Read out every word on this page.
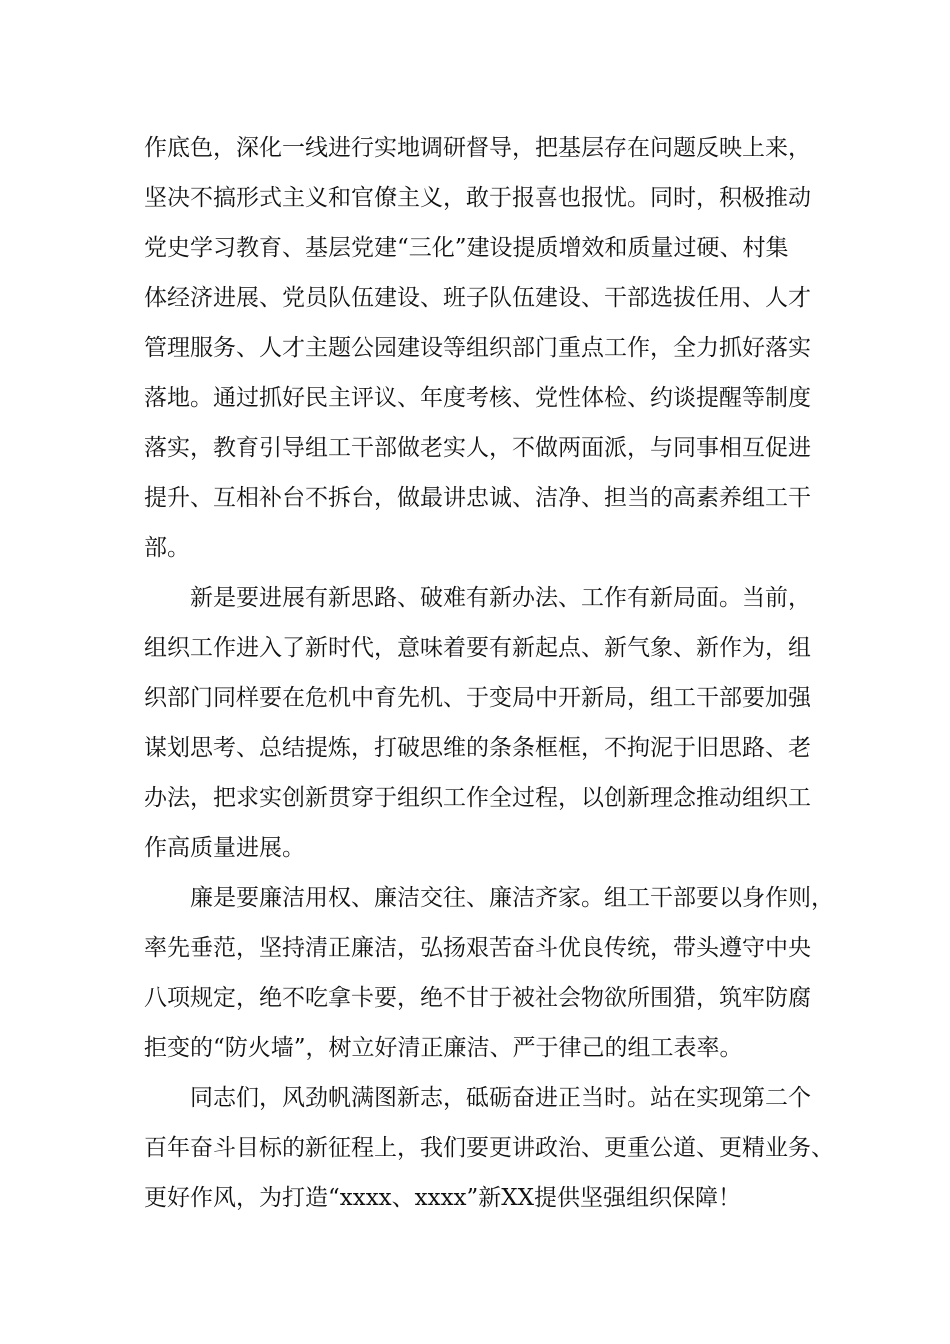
作底色，深化一线进行实地调研督导，把基层存在问题反映上来，
坚决不搞形式主义和官僚主义，敢于报喜也报忧。同时，积极推动
党史学习教育、基层党建“三化”建设提质增效和质量过硬、村集
体经济进展、党员队伍建设、班子队伍建设、干部选拔任用、人才
管理服务、人才主题公园建设等组织部门重点工作，全力抓好落实
落地。通过抓好民主评议、年度考核、党性体检、约谈提醒等制度
落实，教育引导组工干部做老实人，不做两面派，与同事相互促进
提升、互相补台不拆台，做最讲忠诚、洁净、担当的高素养组工干
部。
新是要进展有新思路、破难有新办法、工作有新局面。当前，
组织工作进入了新时代，意味着要有新起点、新气象、新作为，组
织部门同样要在危机中育先机、于变局中开新局，组工干部要加强
谋划思考、总结提炼，打破思维的条条框框，不拘泥于旧思路、老
办法，把求实创新贯穿于组织工作全过程，以创新理念推动组织工
作高质量进展。
廉是要廉洁用权、廉洁交往、廉洁齐家。组工干部要以身作则，
率先垂范，坚持清正廉洁，弘扬艰苦奋斗优良传统，带头遵守中央
八项规定，绝不吃拿卡要，绝不甘于被社会物欲所围猎，筑牢防腐
拒变的“防火墙”，树立好清正廉洁、严于律己的组工表率。
同志们，风劲帆满图新志，砥砺奋进正当时。站在实现第二个
百年奋斗目标的新征程上，我们要更讲政治、更重公道、更精业务、
更好作风，为打造“xxxx、xxxx”新XX提供坚强组织保障！
